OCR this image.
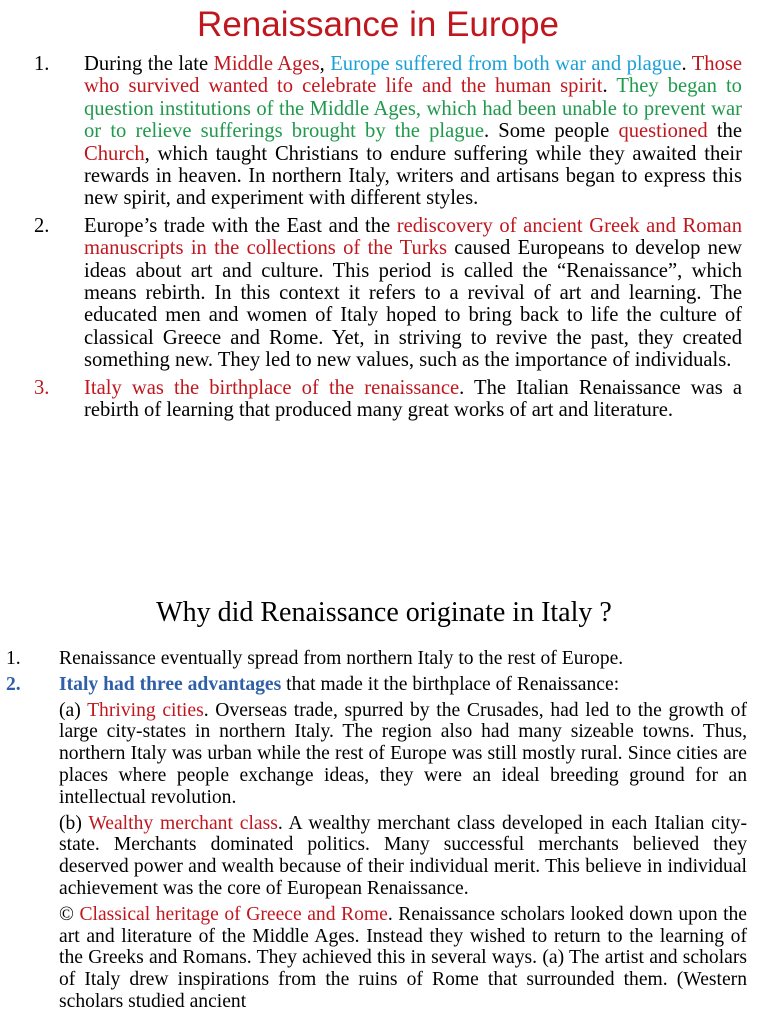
Renaissance in Europe
1. During the late Middle Ages, Europe suffered from both war and plague. Those who survived wanted to celebrate life and the human spirit. They began to question institutions of the Middle Ages, which had been unable to prevent war or to relieve sufferings brought by the plague. Some people questioned the Church, which taught Christians to endure suffering while they awaited their rewards in heaven. In northern Italy, writers and artisans began to express this new spirit, and experiment with different styles.
2. Europe’s trade with the East and the rediscovery of ancient Greek and Roman manuscripts in the collections of the Turks caused Europeans to develop new ideas about art and culture. This period is called the “Renaissance”, which means rebirth. In this context it refers to a revival of art and learning. The educated men and women of Italy hoped to bring back to life the culture of classical Greece and Rome. Yet, in striving to revive the past, they created something new. They led to new values, such as the importance of individuals.
3. Italy was the birthplace of the renaissance. The Italian Renaissance was a rebirth of learning that produced many great works of art and literature.
Why did Renaissance originate in Italy ?
1. Renaissance eventually spread from northern Italy to the rest of Europe.
2. Italy had three advantages that made it the birthplace of Renaissance:
(a) Thriving cities. Overseas trade, spurred by the Crusades, had led to the growth of large city-states in northern Italy. The region also had many sizeable towns. Thus, northern Italy was urban while the rest of Europe was still mostly rural. Since cities are places where people exchange ideas, they were an ideal breeding ground for an intellectual revolution.
(b) Wealthy merchant class. A wealthy merchant class developed in each Italian city-state. Merchants dominated politics. Many successful merchants believed they deserved power and wealth because of their individual merit. This believe in individual achievement was the core of European Renaissance.
© Classical heritage of Greece and Rome. Renaissance scholars looked down upon the art and literature of the Middle Ages. Instead they wished to return to the learning of the Greeks and Romans. They achieved this in several ways. (a) The artist and scholars of Italy drew inspirations from the ruins of Rome that surrounded them. (Western scholars studied ancient
